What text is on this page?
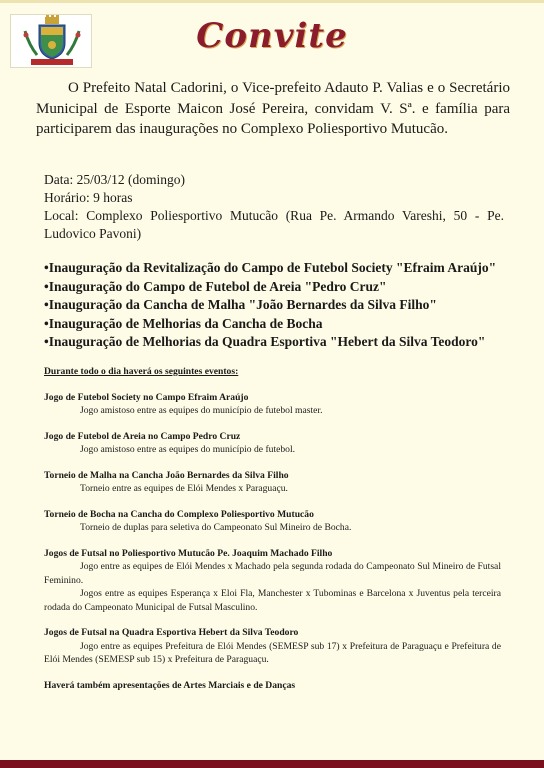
Convite
O Prefeito Natal Cadorini, o Vice-prefeito Adauto P. Valias e o Secretário Municipal de Esporte Maicon José Pereira, convidam V. Sª. e família para participarem das inaugurações no Complexo Poliesportivo Mutucão.
Data: 25/03/12 (domingo)
Horário: 9 horas
Local: Complexo Poliesportivo Mutucão (Rua Pe. Armando Vareshi, 50 - Pe. Ludovico Pavoni)
•Inauguração da Revitalização do Campo de Futebol Society "Efraim Araújo"
•Inauguração do Campo de Futebol de Areia "Pedro Cruz"
•Inauguração da Cancha de Malha "João Bernardes da Silva Filho"
•Inauguração de Melhorias da Cancha de Bocha
•Inauguração de Melhorias da Quadra Esportiva "Hebert da Silva Teodoro"
Durante todo o dia haverá os seguintes eventos:
Jogo de Futebol Society no Campo Efraim Araújo
Jogo amistoso entre as equipes do município de futebol master.
Jogo de Futebol de Areia no Campo Pedro Cruz
Jogo amistoso entre as equipes do município de futebol.
Torneio de Malha na Cancha João Bernardes da Silva Filho
Torneio entre as equipes de Elói Mendes x Paraguaçu.
Torneio de Bocha na Cancha do Complexo Poliesportivo Mutucão
Torneio de duplas para seletiva do Campeonato Sul Mineiro de Bocha.
Jogos de Futsal no Poliesportivo Mutucão Pe. Joaquim Machado Filho
Jogo entre as equipes de Elói Mendes x Machado pela segunda rodada do Campeonato Sul Mineiro de Futsal Feminino.
Jogos entre as equipes Esperança x Eloi Fla, Manchester x Tubominas e Barcelona x Juventus pela terceira rodada do Campeonato Municipal de Futsal Masculino.
Jogos de Futsal na Quadra Esportiva Hebert da Silva Teodoro
Jogo entre as equipes Prefeitura de Elói Mendes (SEMESP sub 17) x Prefeitura de Paraguaçu e Prefeitura de Elói Mendes (SEMESP sub 15) x Prefeitura de Paraguaçu.
Haverá também apresentações de Artes Marciais e de Danças
